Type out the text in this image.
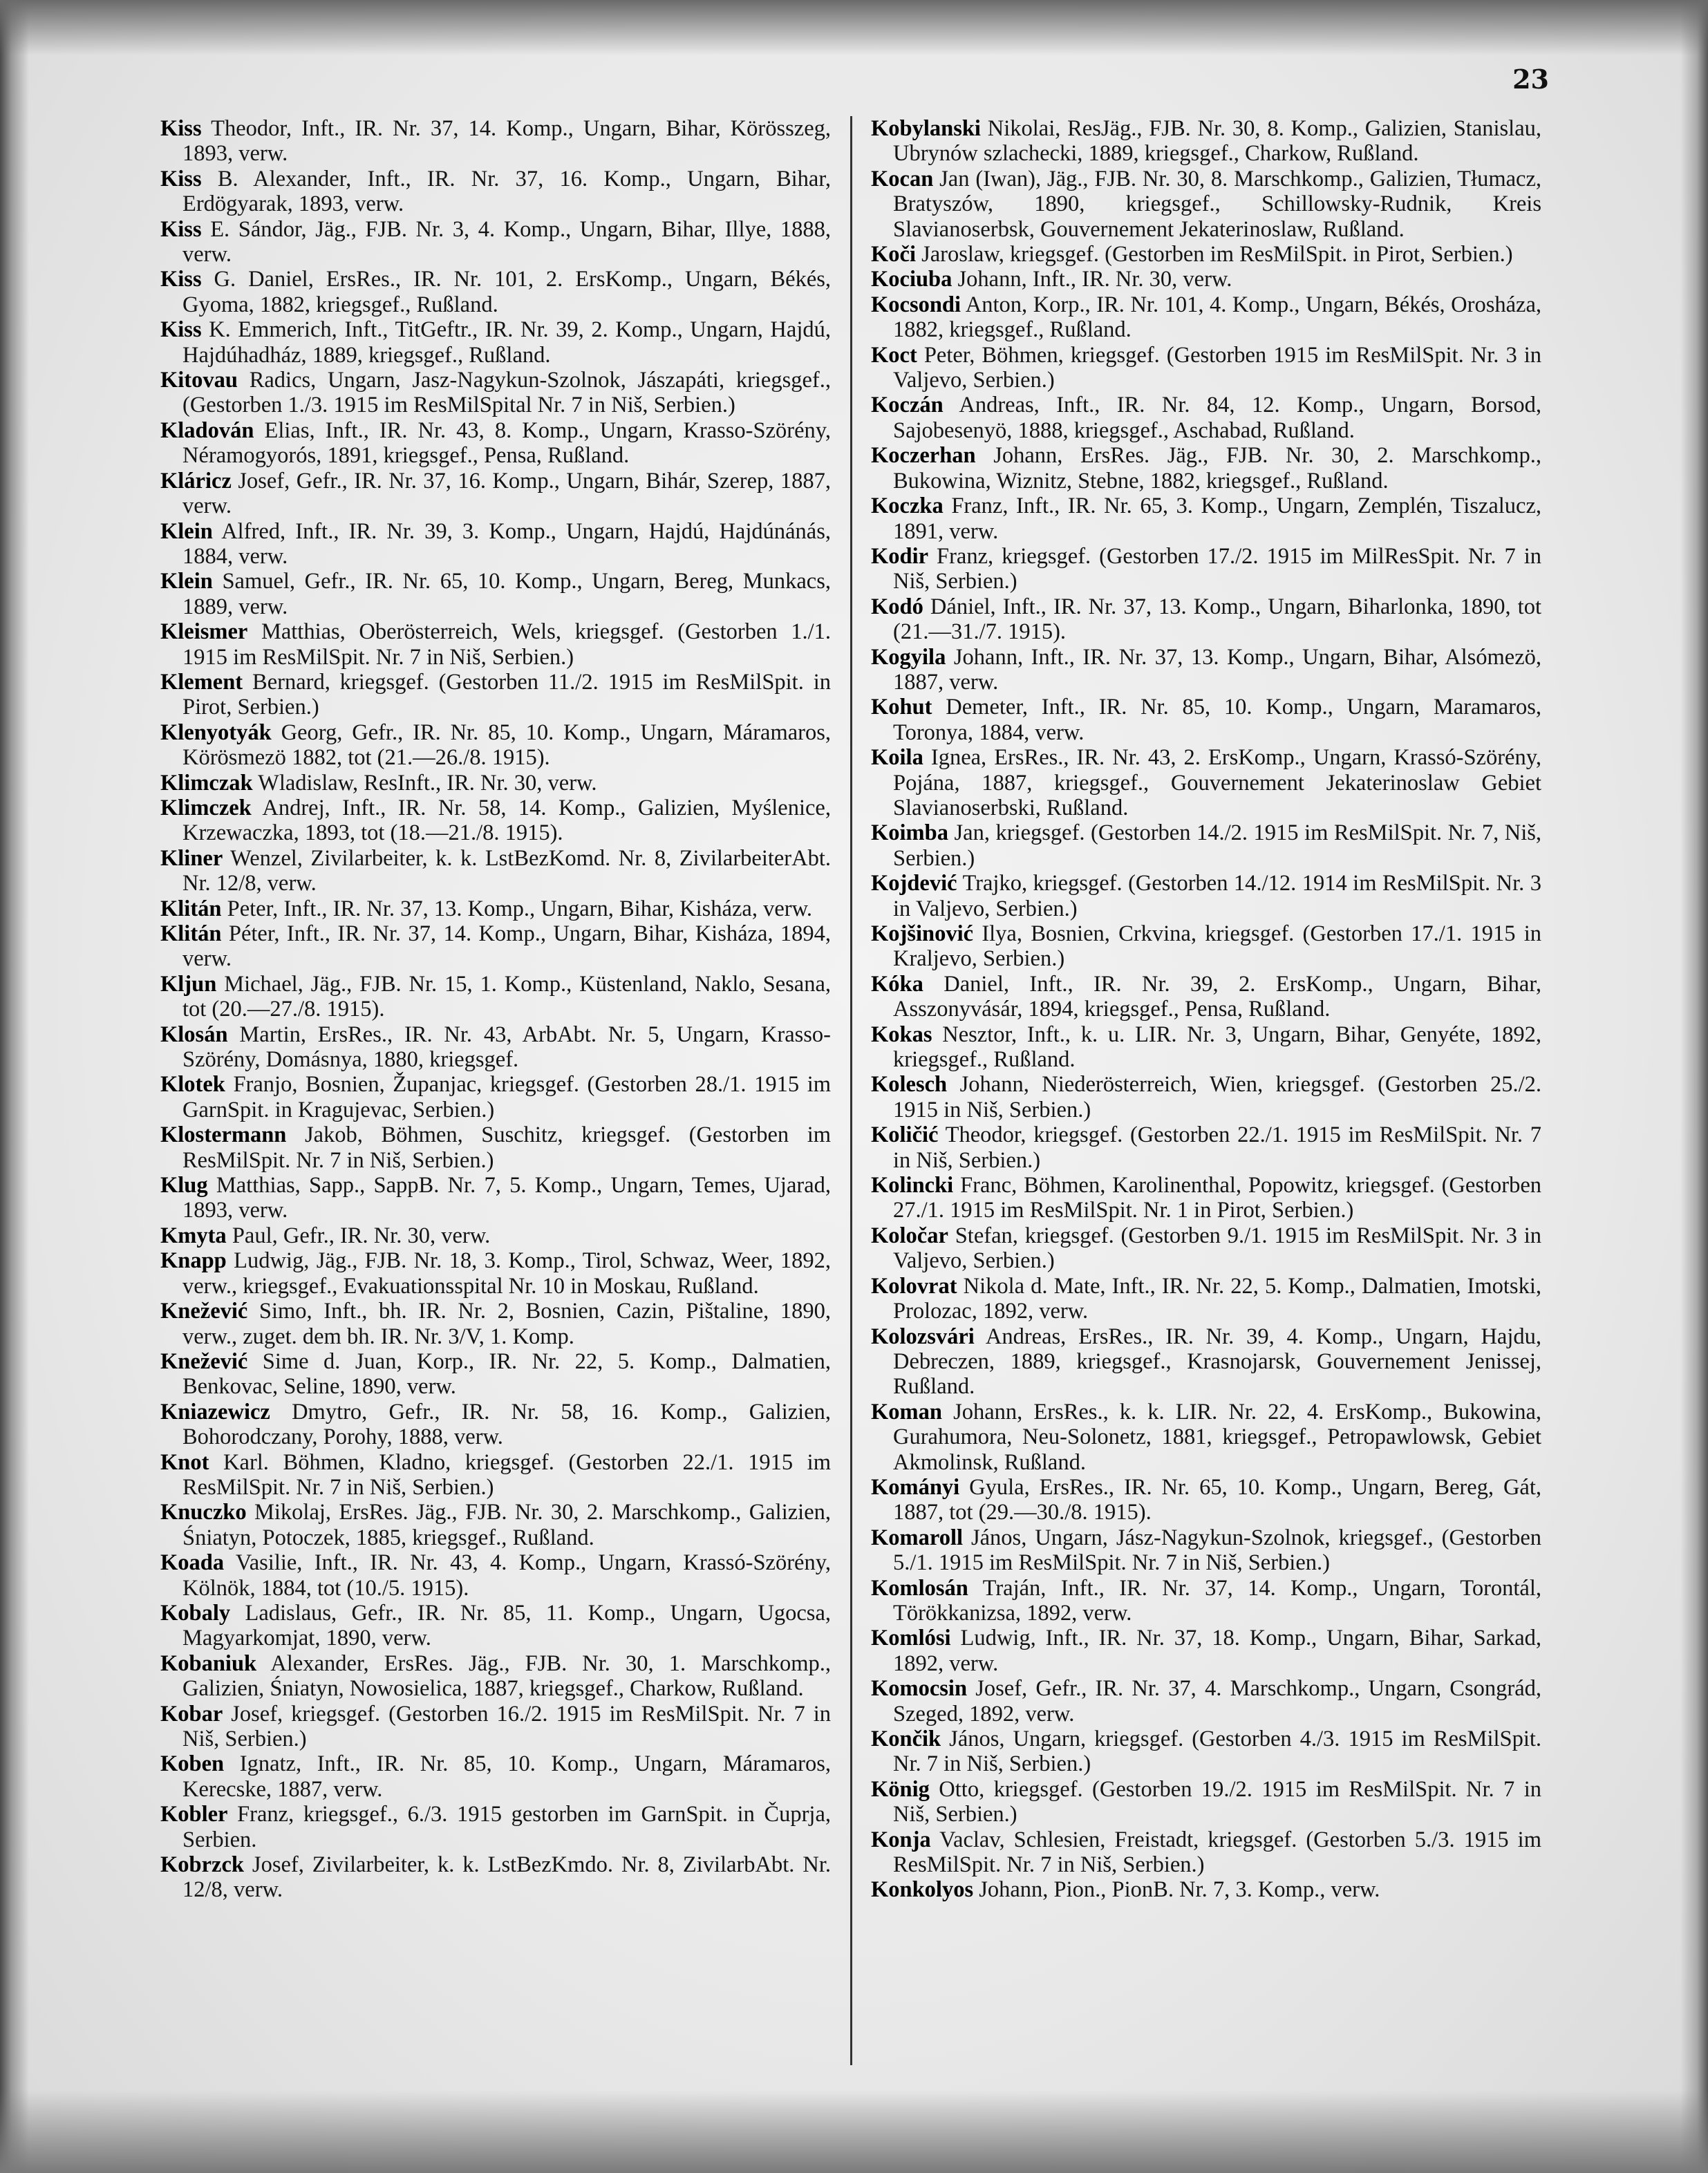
23

Kiss Theodor, Inft., IR. Nr. 37, 14. Komp., Ungarn, Bihar, Körösszeg, 1893, verw.

Kiss B. Alexander, Inft., IR. Nr. 37, 16. Komp., Ungarn, Bihar, Erdögyarak, 1893, verw.

Kiss E. Sándor, Jäg., FJB. Nr. 3, 4. Komp., Ungarn, Bihar, Illye, 1888, verw.

Kiss G. Daniel, ErsRes., IR. Nr. 101, 2. ErsKomp., Ungarn, Békés, Gyoma, 1882, kriegsgef., Rußland.

Kiss K. Emmerich, Inft., TitGeftr., IR. Nr. 39, 2. Komp., Ungarn, Hajdú, Hajdúhadház, 1889, kriegsgef., Rußland.

Kitovau Radics, Ungarn, Jasz-Nagykun-Szolnok, Jászapáti, kriegsgef., (Gestorben 1./3. 1915 im ResMilSpital Nr. 7 in Niš, Serbien.)

Kladován Elias, Inft., IR. Nr. 43, 8. Komp., Ungarn, Krasso-Szörény, Néramogyorós, 1891, kriegsgef., Pensa, Rußland.

Kláricz Josef, Gefr., IR. Nr. 37, 16. Komp., Ungarn, Bihár, Szerep, 1887, verw.

Klein Alfred, Inft., IR. Nr. 39, 3. Komp., Ungarn, Hajdú, Hajdúnánás, 1884, verw.

Klein Samuel, Gefr., IR. Nr. 65, 10. Komp., Ungarn, Bereg, Munkacs, 1889, verw.

Kleismer Matthias, Oberösterreich, Wels, kriegsgef. (Gestorben 1./1. 1915 im ResMilSpit. Nr. 7 in Niš, Serbien.)

Klement Bernard, kriegsgef. (Gestorben 11./2. 1915 im ResMilSpit. in Pirot, Serbien.)

Klenyotyák Georg, Gefr., IR. Nr. 85, 10. Komp., Ungarn, Máramaros, Körösmezö 1882, tot (21.—26./8. 1915).

Klimczak Wladislaw, ResInft., IR. Nr. 30, verw.

Klimczek Andrej, Inft., IR. Nr. 58, 14. Komp., Galizien, Myślenice, Krzewaczka, 1893, tot (18.—21./8. 1915).

Kliner Wenzel, Zivilarbeiter, k. k. LstBezKomd. Nr. 8, ZivilarbeiterAbt. Nr. 12/8, verw.

Klitán Peter, Inft., IR. Nr. 37, 13. Komp., Ungarn, Bihar, Kisháza, verw.

Klitán Péter, Inft., IR. Nr. 37, 14. Komp., Ungarn, Bihar, Kisháza, 1894, verw.

Kljun Michael, Jäg., FJB. Nr. 15, 1. Komp., Küstenland, Naklo, Sesana, tot (20.—27./8. 1915).

Klosán Martin, ErsRes., IR. Nr. 43, ArbAbt. Nr. 5, Ungarn, Krasso-Szörény, Domásnya, 1880, kriegsgef.

Klotek Franjo, Bosnien, Županjac, kriegsgef. (Gestorben 28./1. 1915 im GarnSpit. in Kragujevac, Serbien.)

Klostermann Jakob, Böhmen, Suschitz, kriegsgef. (Gestorben im ResMilSpit. Nr. 7 in Niš, Serbien.)

Klug Matthias, Sapp., SappB. Nr. 7, 5. Komp., Ungarn, Temes, Ujarad, 1893, verw.

Kmyta Paul, Gefr., IR. Nr. 30, verw.

Knapp Ludwig, Jäg., FJB. Nr. 18, 3. Komp., Tirol, Schwaz, Weer, 1892, verw., kriegsgef., Evakuationsspital Nr. 10 in Moskau, Rußland.

Knežević Simo, Inft., bh. IR. Nr. 2, Bosnien, Cazin, Pištaline, 1890, verw., zuget. dem bh. IR. Nr. 3/V, 1. Komp.

Knežević Sime d. Juan, Korp., IR. Nr. 22, 5. Komp., Dalmatien, Benkovac, Seline, 1890, verw.

Kniazewicz Dmytro, Gefr., IR. Nr. 58, 16. Komp., Galizien, Bohorodczany, Porohy, 1888, verw.

Knot Karl. Böhmen, Kladno, kriegsgef. (Gestorben 22./1. 1915 im ResMilSpit. Nr. 7 in Niš, Serbien.)

Knuczko Mikolaj, ErsRes. Jäg., FJB. Nr. 30, 2. Marschkomp., Galizien, Śniatyn, Potoczek, 1885, kriegsgef., Rußland.

Koada Vasilie, Inft., IR. Nr. 43, 4. Komp., Ungarn, Krassó-Szörény, Kölnök, 1884, tot (10./5. 1915).

Kobaly Ladislaus, Gefr., IR. Nr. 85, 11. Komp., Ungarn, Ugocsa, Magyarkomjat, 1890, verw.

Kobaniuk Alexander, ErsRes. Jäg., FJB. Nr. 30, 1. Marschkomp., Galizien, Śniatyn, Nowosielica, 1887, kriegsgef., Charkow, Rußland.

Kobar Josef, kriegsgef. (Gestorben 16./2. 1915 im ResMilSpit. Nr. 7 in Niš, Serbien.)

Koben Ignatz, Inft., IR. Nr. 85, 10. Komp., Ungarn, Máramaros, Kerecske, 1887, verw.

Kobler Franz, kriegsgef., 6./3. 1915 gestorben im GarnSpit. in Čuprja, Serbien.

Kobrzck Josef, Zivilarbeiter, k. k. LstBezKmdo. Nr. 8, ZivilarbAbt. Nr. 12/8, verw.

Kobylanski Nikolai, ResJäg., FJB. Nr. 30, 8. Komp., Galizien, Stanislau, Ubrynów szlachecki, 1889, kriegsgef., Charkow, Rußland.

Kocan Jan (Iwan), Jäg., FJB. Nr. 30, 8. Marschkomp., Galizien, Tłumacz, Bratyszów, 1890, kriegsgef., Schillowsky-Rudnik, Kreis Slavianoserbsk, Gouvernement Jekaterinoslaw, Rußland.

Koči Jaroslaw, kriegsgef. (Gestorben im ResMilSpit. in Pirot, Serbien.)

Kociuba Johann, Inft., IR. Nr. 30, verw.

Kocsondi Anton, Korp., IR. Nr. 101, 4. Komp., Ungarn, Békés, Orosháza, 1882, kriegsgef., Rußland.

Koct Peter, Böhmen, kriegsgef. (Gestorben 1915 im ResMilSpit. Nr. 3 in Valjevo, Serbien.)

Koczán Andreas, Inft., IR. Nr. 84, 12. Komp., Ungarn, Borsod, Sajobesenyö, 1888, kriegsgef., Aschabad, Rußland.

Koczerhan Johann, ErsRes. Jäg., FJB. Nr. 30, 2. Marschkomp., Bukowina, Wiznitz, Stebne, 1882, kriegsgef., Rußland.

Koczka Franz, Inft., IR. Nr. 65, 3. Komp., Ungarn, Zemplén, Tiszalucz, 1891, verw.

Kodir Franz, kriegsgef. (Gestorben 17./2. 1915 im MilResSpit. Nr. 7 in Niš, Serbien.)

Kodó Dániel, Inft., IR. Nr. 37, 13. Komp., Ungarn, Biharlonka, 1890, tot (21.—31./7. 1915).

Kogyila Johann, Inft., IR. Nr. 37, 13. Komp., Ungarn, Bihar, Alsómezö, 1887, verw.

Kohut Demeter, Inft., IR. Nr. 85, 10. Komp., Ungarn, Maramaros, Toronya, 1884, verw.

Koila Ignea, ErsRes., IR. Nr. 43, 2. ErsKomp., Ungarn, Krassó-Szörény, Pojána, 1887, kriegsgef., Gouvernement Jekaterinoslaw Gebiet Slavianoserbski, Rußland.

Koimba Jan, kriegsgef. (Gestorben 14./2. 1915 im ResMilSpit. Nr. 7, Niš, Serbien.)

Kojdević Trajko, kriegsgef. (Gestorben 14./12. 1914 im ResMilSpit. Nr. 3 in Valjevo, Serbien.)

Kojšinović Ilya, Bosnien, Crkvina, kriegsgef. (Gestorben 17./1. 1915 in Kraljevo, Serbien.)

Kóka Daniel, Inft., IR. Nr. 39, 2. ErsKomp., Ungarn, Bihar, Asszonyvásár, 1894, kriegsgef., Pensa, Rußland.

Kokas Nesztor, Inft., k. u. LIR. Nr. 3, Ungarn, Bihar, Genyéte, 1892, kriegsgef., Rußland.

Kolesch Johann, Niederösterreich, Wien, kriegsgef. (Gestorben 25./2. 1915 in Niš, Serbien.)

Količić Theodor, kriegsgef. (Gestorben 22./1. 1915 im ResMilSpit. Nr. 7 in Niš, Serbien.)

Kolincki Franc, Böhmen, Karolinenthal, Popowitz, kriegsgef. (Gestorben 27./1. 1915 im ResMilSpit. Nr. 1 in Pirot, Serbien.)

Koločar Stefan, kriegsgef. (Gestorben 9./1. 1915 im ResMilSpit. Nr. 3 in Valjevo, Serbien.)

Kolovrat Nikola d. Mate, Inft., IR. Nr. 22, 5. Komp., Dalmatien, Imotski, Prolozac, 1892, verw.

Kolozsvári Andreas, ErsRes., IR. Nr. 39, 4. Komp., Ungarn, Hajdu, Debreczen, 1889, kriegsgef., Krasnojarsk, Gouvernement Jenissej, Rußland.

Koman Johann, ErsRes., k. k. LIR. Nr. 22, 4. ErsKomp., Bukowina, Gurahumora, Neu-Solonetz, 1881, kriegsgef., Petropawlowsk, Gebiet Akmolinsk, Rußland.

Kományi Gyula, ErsRes., IR. Nr. 65, 10. Komp., Ungarn, Bereg, Gát, 1887, tot (29.—30./8. 1915).

Komaroll János, Ungarn, Jász-Nagykun-Szolnok, kriegsgef., (Gestorben 5./1. 1915 im ResMilSpit. Nr. 7 in Niš, Serbien.)

Komlosán Traján, Inft., IR. Nr. 37, 14. Komp., Ungarn, Torontál, Törökkanizsa, 1892, verw.

Komlósi Ludwig, Inft., IR. Nr. 37, 18. Komp., Ungarn, Bihar, Sarkad, 1892, verw.

Komocsin Josef, Gefr., IR. Nr. 37, 4. Marschkomp., Ungarn, Csongrád, Szeged, 1892, verw.

Končik János, Ungarn, kriegsgef. (Gestorben 4./3. 1915 im ResMilSpit. Nr. 7 in Niš, Serbien.)

König Otto, kriegsgef. (Gestorben 19./2. 1915 im ResMilSpit. Nr. 7 in Niš, Serbien.)

Konja Vaclav, Schlesien, Freistadt, kriegsgef. (Gestorben 5./3. 1915 im ResMilSpit. Nr. 7 in Niš, Serbien.)

Konkolyos Johann, Pion., PionB. Nr. 7, 3. Komp., verw.
